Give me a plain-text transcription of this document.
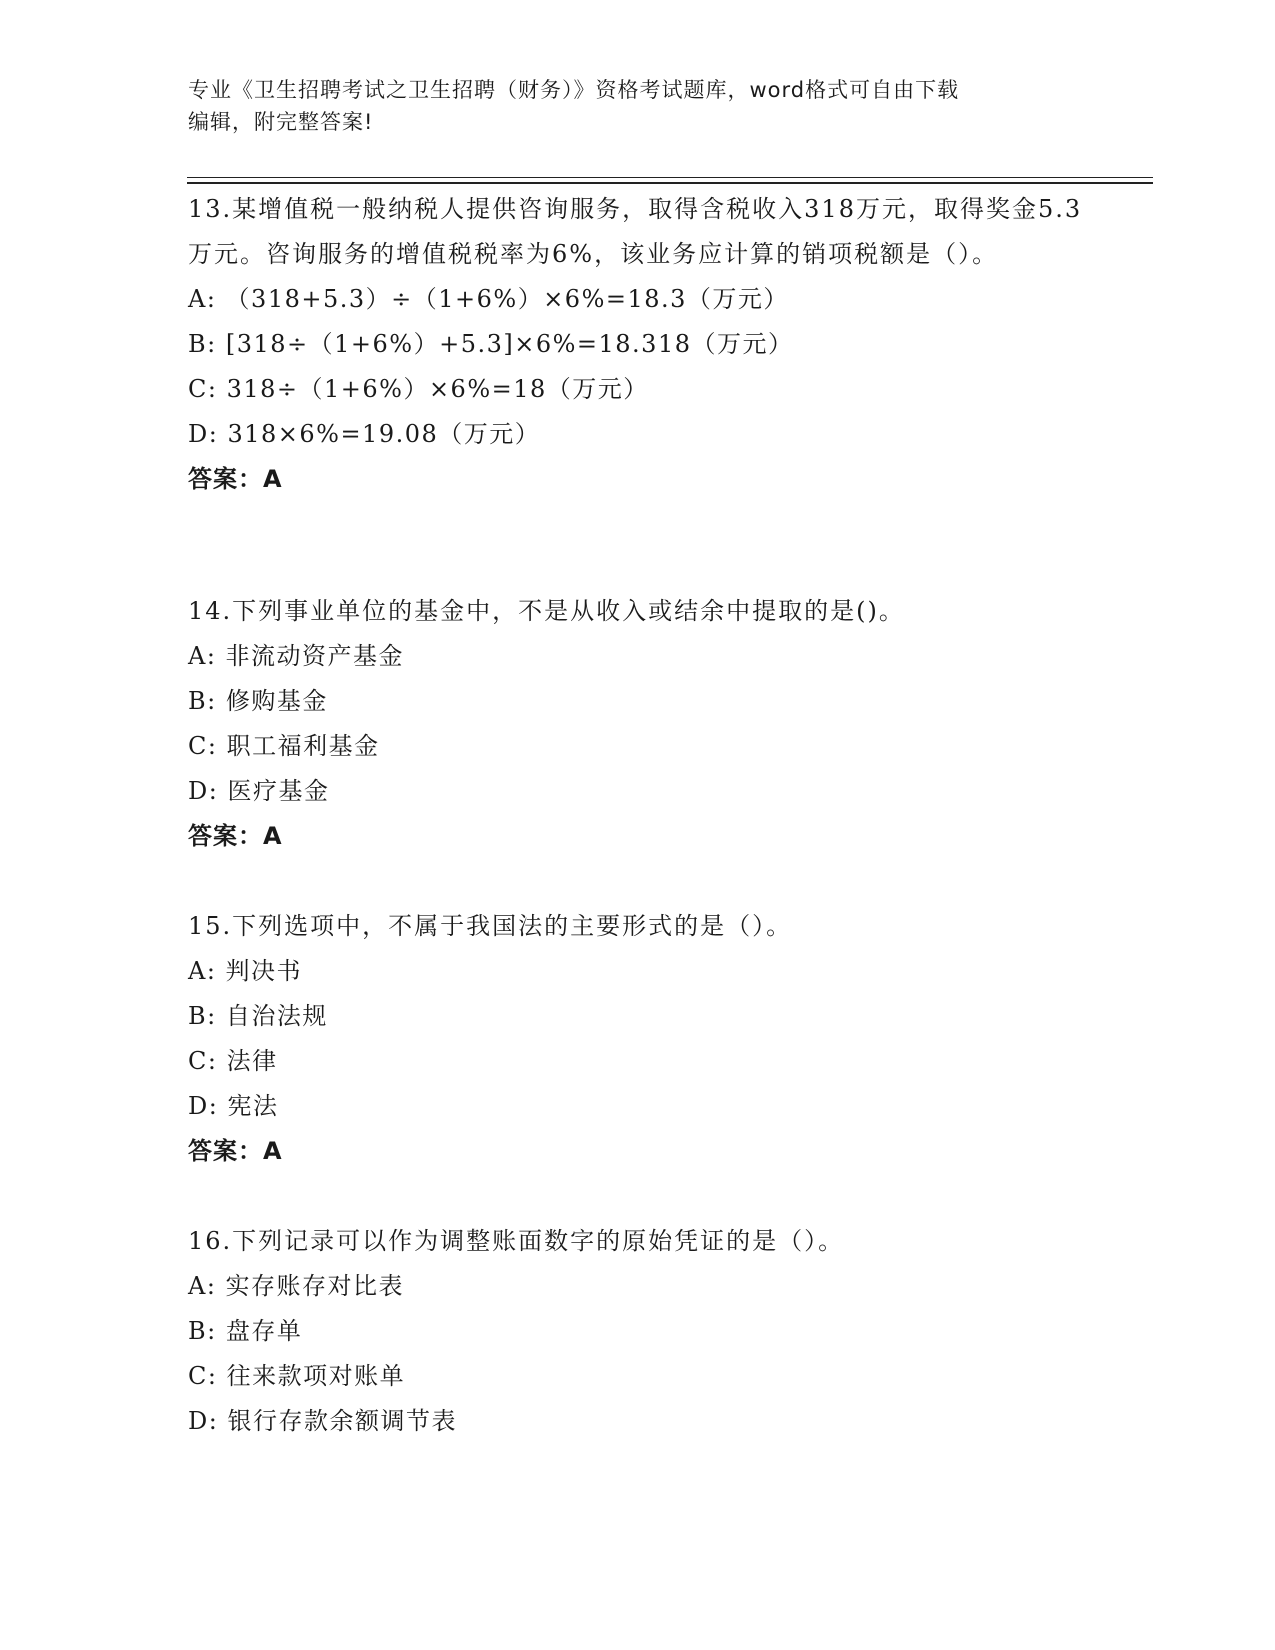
专业《卫生招聘考试之卫生招聘（财务）》资格考试题库，word格式可自由下载
编辑，附完整答案!

13.某增值税一般纳税人提供咨询服务，取得含税收入318万元，取得奖金5.3万元。咨询服务的增值税税率为6%，该业务应计算的销项税额是（）。

A: （318+5.3）÷（1+6%）×6%=18.3（万元）

B: [318÷（1+6%）+5.3]×6%=18.318（万元）

C: 318÷（1+6%）×6%=18（万元）

D: 318×6%=19.08（万元）

答案：A

14.下列事业单位的基金中，不是从收入或结余中提取的是()。

A: 非流动资产基金

B: 修购基金

C: 职工福利基金

D: 医疗基金

答案：A

15.下列选项中，不属于我国法的主要形式的是（）。

A: 判决书

B: 自治法规

C: 法律

D: 宪法

答案：A

16.下列记录可以作为调整账面数字的原始凭证的是（）。

A: 实存账存对比表

B: 盘存单

C: 往来款项对账单

D: 银行存款余额调节表
